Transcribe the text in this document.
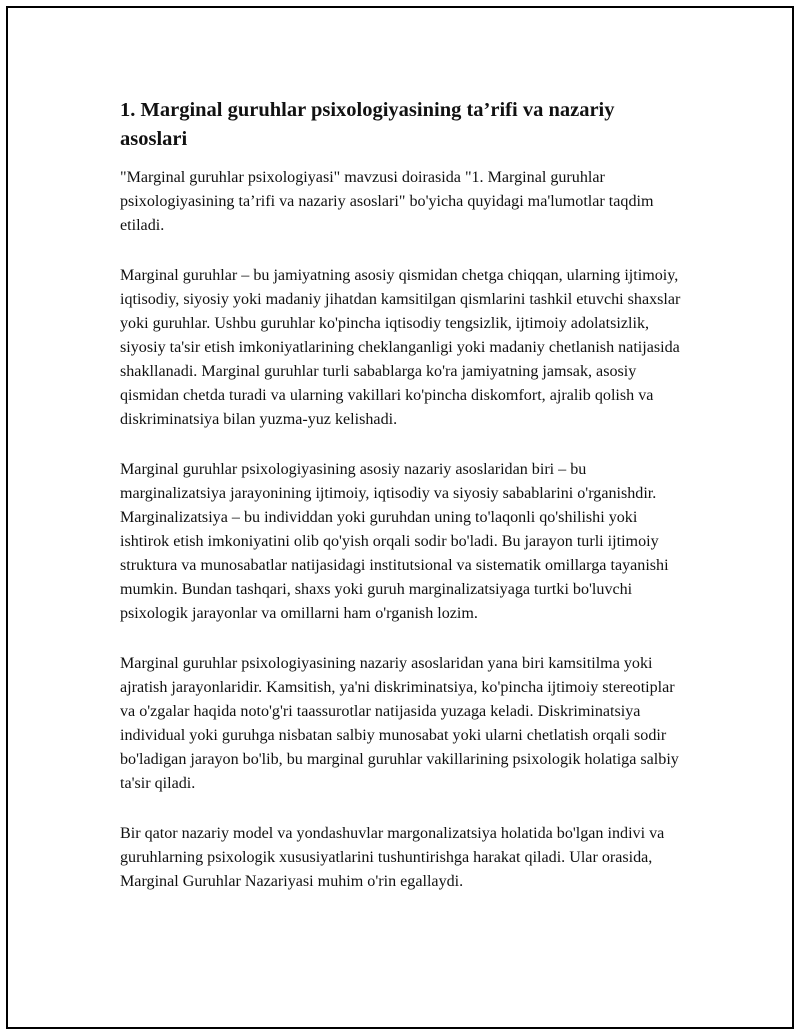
1. Marginal guruhlar psixologiyasining ta’rifi va nazariy asoslari

"Marginal guruhlar psixologiyasi" mavzusi doirasida "1. Marginal guruhlar psixologiyasining ta’rifi va nazariy asoslari" bo'yicha quyidagi ma'lumotlar taqdim etiladi.

Marginal guruhlar – bu jamiyatning asosiy qismidan chetga chiqqan, ularning ijtimoiy, iqtisodiy, siyosiy yoki madaniy jihatdan kamsitilgan qismlarini tashkil etuvchi shaxslar yoki guruhlar. Ushbu guruhlar ko'pincha iqtisodiy tengsizlik, ijtimoiy adolatsizlik, siyosiy ta'sir etish imkoniyatlarining cheklanganligi yoki madaniy chetlanish natijasida shakllanadi. Marginal guruhlar turli sabablarga ko'ra jamiyatning jamsak, asosiy qismidan chetda turadi va ularning vakillari ko'pincha diskomfort, ajralib qolish va diskriminatsiya bilan yuzma-yuz kelishadi.

Marginal guruhlar psixologiyasining asosiy nazariy asoslaridan biri – bu marginalizatsiya jarayonining ijtimoiy, iqtisodiy va siyosiy sabablarini o'rganishdir. Marginalizatsiya – bu individdan yoki guruhdan uning to'laqonli qo'shilishi yoki ishtirok etish imkoniyatini olib qo'yish orqali sodir bo'ladi. Bu jarayon turli ijtimoiy struktura va munosabatlar natijasidagi institutsional va sistematik omillarga tayanishi mumkin. Bundan tashqari, shaxs yoki guruh marginalizatsiyaga turtki bo'luvchi psixologik jarayonlar va omillarni ham o'rganish lozim.

Marginal guruhlar psixologiyasining nazariy asoslaridan yana biri kamsitilma yoki ajratish jarayonlaridir. Kamsitish, ya'ni diskriminatsiya, ko'pincha ijtimoiy stereotiplar va o'zgalar haqida noto'g'ri taassurotlar natijasida yuzaga keladi. Diskriminatsiya individual yoki guruhga nisbatan salbiy munosabat yoki ularni chetlatish orqali sodir bo'ladigan jarayon bo'lib, bu marginal guruhlar vakillarining psixologik holatiga salbiy ta'sir qiladi.

Bir qator nazariy model va yondashuvlar margonalizatsiya holatida bo'lgan indivi va guruhlarning psixologik xususiyatlarini tushuntirishga harakat qiladi. Ular orasida, Marginal Guruhlar Nazariyasi muhim o'rin egallaydi.
